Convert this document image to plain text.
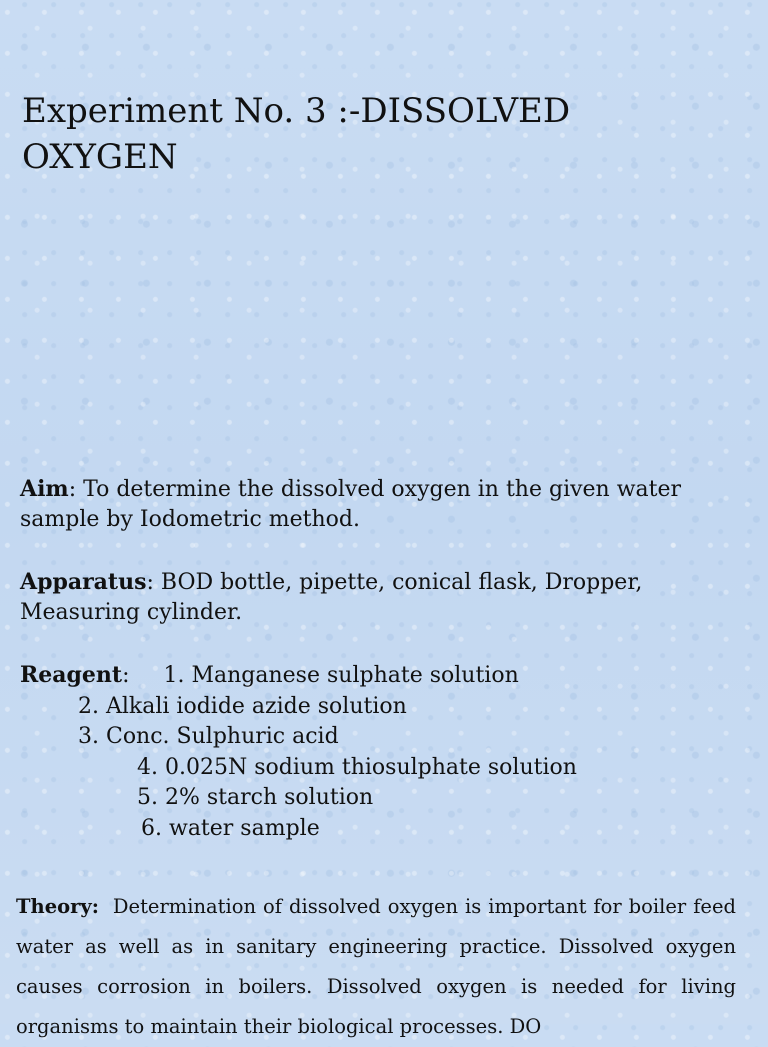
Experiment No. 3 :-DISSOLVED OXYGEN

Aim: To determine the dissolved oxygen in the given water sample by Iodometric method.

Apparatus: BOD bottle, pipette, conical flask, Dropper, Measuring cylinder.

Reagent: 1. Manganese sulphate solution
2. Alkali iodide azide solution
3. Conc. Sulphuric acid
4. 0.025N sodium thiosulphate solution
5. 2% starch solution
6. water sample

Theory: Determination of dissolved oxygen is important for boiler feed water as well as in sanitary engineering practice. Dissolved oxygen causes corrosion in boilers. Dissolved oxygen is needed for living organisms to maintain their biological processes. DO
